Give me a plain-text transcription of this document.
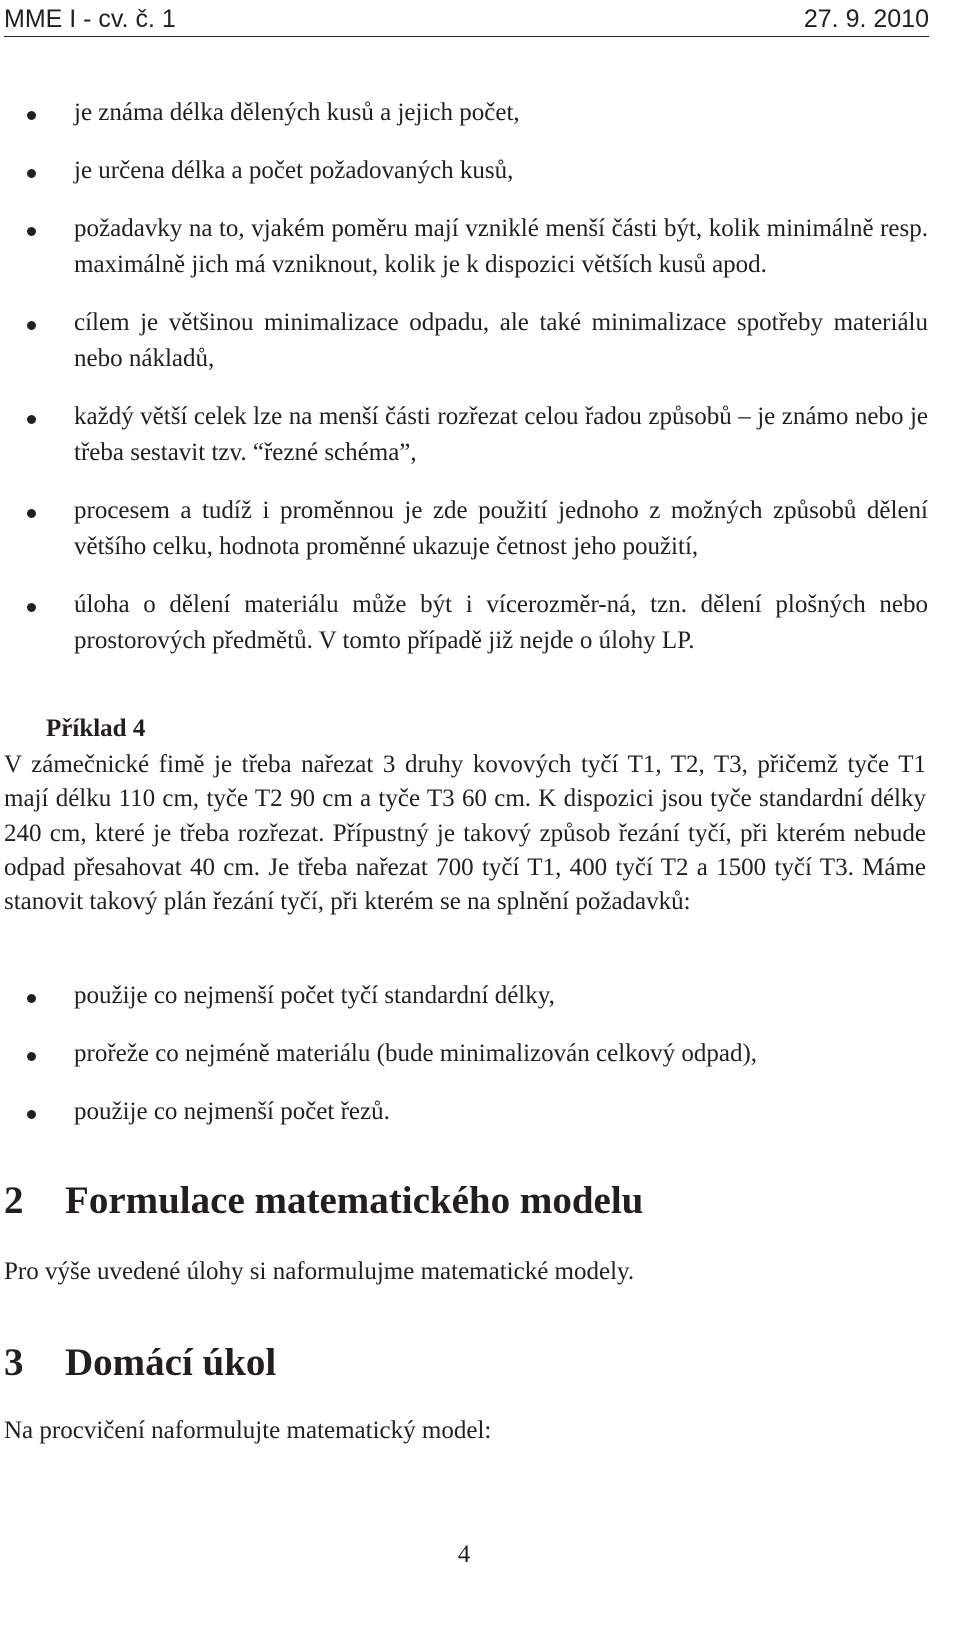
MME I - cv. č. 1	27. 9. 2010
je známa délka dělených kusů a jejich počet,
je určena délka a počet požadovaných kusů,
požadavky na to, vjakém poměru mají vzniklé menší části být, kolik minimálně resp. maximálně jich má vzniknout, kolik je k dispozici větších kusů apod.
cílem je většinou minimalizace odpadu, ale také minimalizace spotřeby materiálu nebo nákladů,
každý větší celek lze na menší části rozřezat celou řadou způsobů – je známo nebo je třeba sestavit tzv. “řezné schéma”,
procesem a tudíž i proměnnou je zde použití jednoho z možných způsobů dělení většího celku, hodnota proměnné ukazuje četnost jeho použití,
úloha o dělení materiálu může být i vícerozměr-ná, tzn. dělení plošných nebo prostorových předmětů. V tomto případě již nejde o úlohy LP.
Příklad 4
V zámečnické fimě je třeba nařezat 3 druhy kovových tyčí T1, T2, T3, přičemž tyče T1 mají délku 110 cm, tyče T2 90 cm a tyče T3 60 cm. K dispozici jsou tyče standardní délky 240 cm, které je třeba rozřezat. Přípustný je takový způsob řezání tyčí, při kterém nebude odpad přesahovat 40 cm. Je třeba nařezat 700 tyčí T1, 400 tyčí T2 a 1500 tyčí T3. Máme stanovit takový plán řezání tyčí, při kterém se na splnění požadavků:
použije co nejmenší počet tyčí standardní délky,
prořeže co nejméně materiálu (bude minimalizován celkový odpad),
použije co nejmenší počet řezů.
2 Formulace matematického modelu
Pro výše uvedené úlohy si naformulujme matematické modely.
3 Domácí úkol
Na procvičení naformulujte matematický model:
4
